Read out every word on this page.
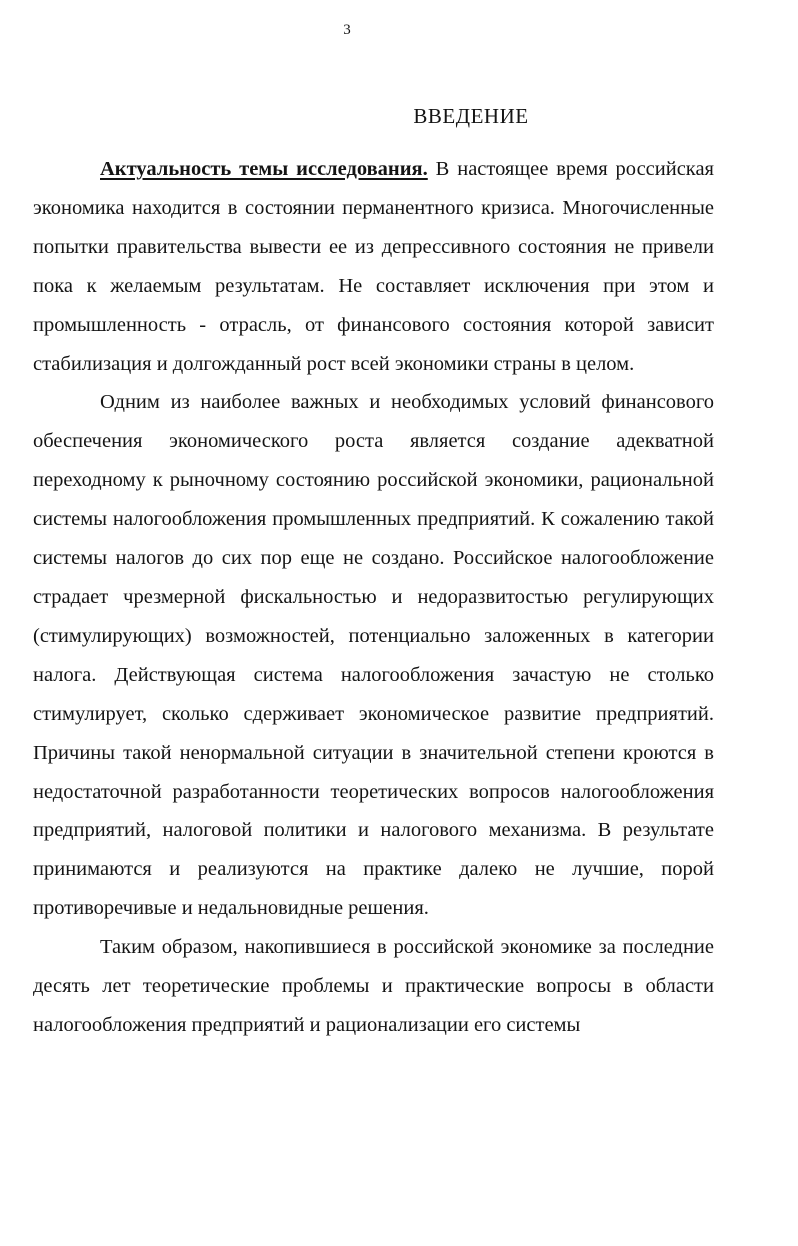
3
ВВЕДЕНИЕ

Актуальность темы исследования. В настоящее время российская экономика находится в состоянии перманентного кризиса. Многочисленные попытки правительства вывести ее из депрессивного состояния не привели пока к желаемым результатам. Не составляет исключения при этом и промышленность - отрасль, от финансового состояния которой зависит стабилизация и долгожданный рост всей экономики страны в целом.

Одним из наиболее важных и необходимых условий финансового обеспечения экономического роста является создание адекватной переходному к рыночному состоянию российской экономики, рациональной системы налогообложения промышленных предприятий. К сожалению такой системы налогов до сих пор еще не создано. Российское налогообложение страдает чрезмерной фискальностью и недоразвитостью регулирующих (стимулирующих) возможностей, потенциально заложенных в категории налога. Действующая система налогообложения зачастую не столько стимулирует, сколько сдерживает экономическое развитие предприятий. Причины такой ненормальной ситуации в значительной степени кроются в недостаточной разработанности теоретических вопросов налогообложения предприятий, налоговой политики и налогового механизма. В результате принимаются и реализуются на практике далеко не лучшие, порой противоречивые и недальновидные решения.

Таким образом, накопившиеся в российской экономике за последние десять лет теоретические проблемы и практические вопросы в области налогообложения предприятий и рационализации его системы
